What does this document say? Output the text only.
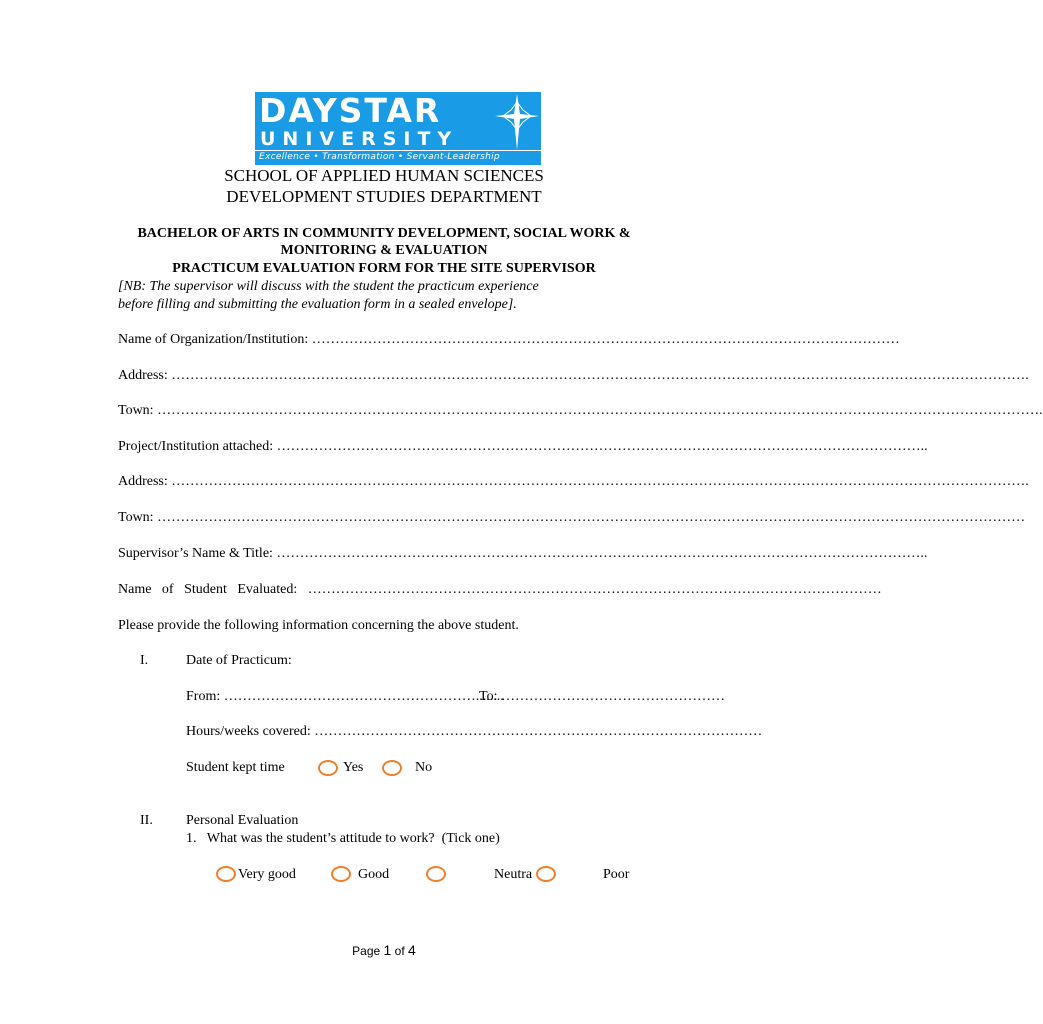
DAYSTAR
UNIVERSITY
Excellence • Transformation • Servant-Leadership
SCHOOL OF APPLIED HUMAN SCIENCES
DEVELOPMENT STUDIES DEPARTMENT
BACHELOR OF ARTS IN COMMUNITY DEVELOPMENT, SOCIAL WORK &
MONITORING & EVALUATION
PRACTICUM EVALUATION FORM FOR THE SITE SUPERVISOR
[NB: The supervisor will discuss with the student the practicum experience
before filling and submitting the evaluation form in a sealed envelope].
Name of Organization/Institution: ………………………………………………………………………………………………………………
Address: ………………………………………………………………………………………………………………………………………………………………….
Town: ……………………………………………………………………………………………………………………………………………………………………….
Project/Institution attached: …………………………………………………………………………………………………………………………..
Address: ………………………………………………………………………………………………………………………………………………………………….
Town: ……………………………………………………………………………………………………………………………………………………………………
Supervisor’s Name & Title: …………………………………………………………………………………………………………………………..
Name   of   Student   Evaluated:   ……………………………………………………………………………………………………………
Please provide the following information concerning the above student.
I.	Date of Practicum:
From: ………………………………………………........
To: …………………………………………
Hours/weeks covered: ……………………………………………………………………………………
Student kept time	Yes	No
II. Personal Evaluation
1.   What was the student’s attitude to work?  (Tick one)
Very good	Good	Neutra	Poor
Page 1 of 4
